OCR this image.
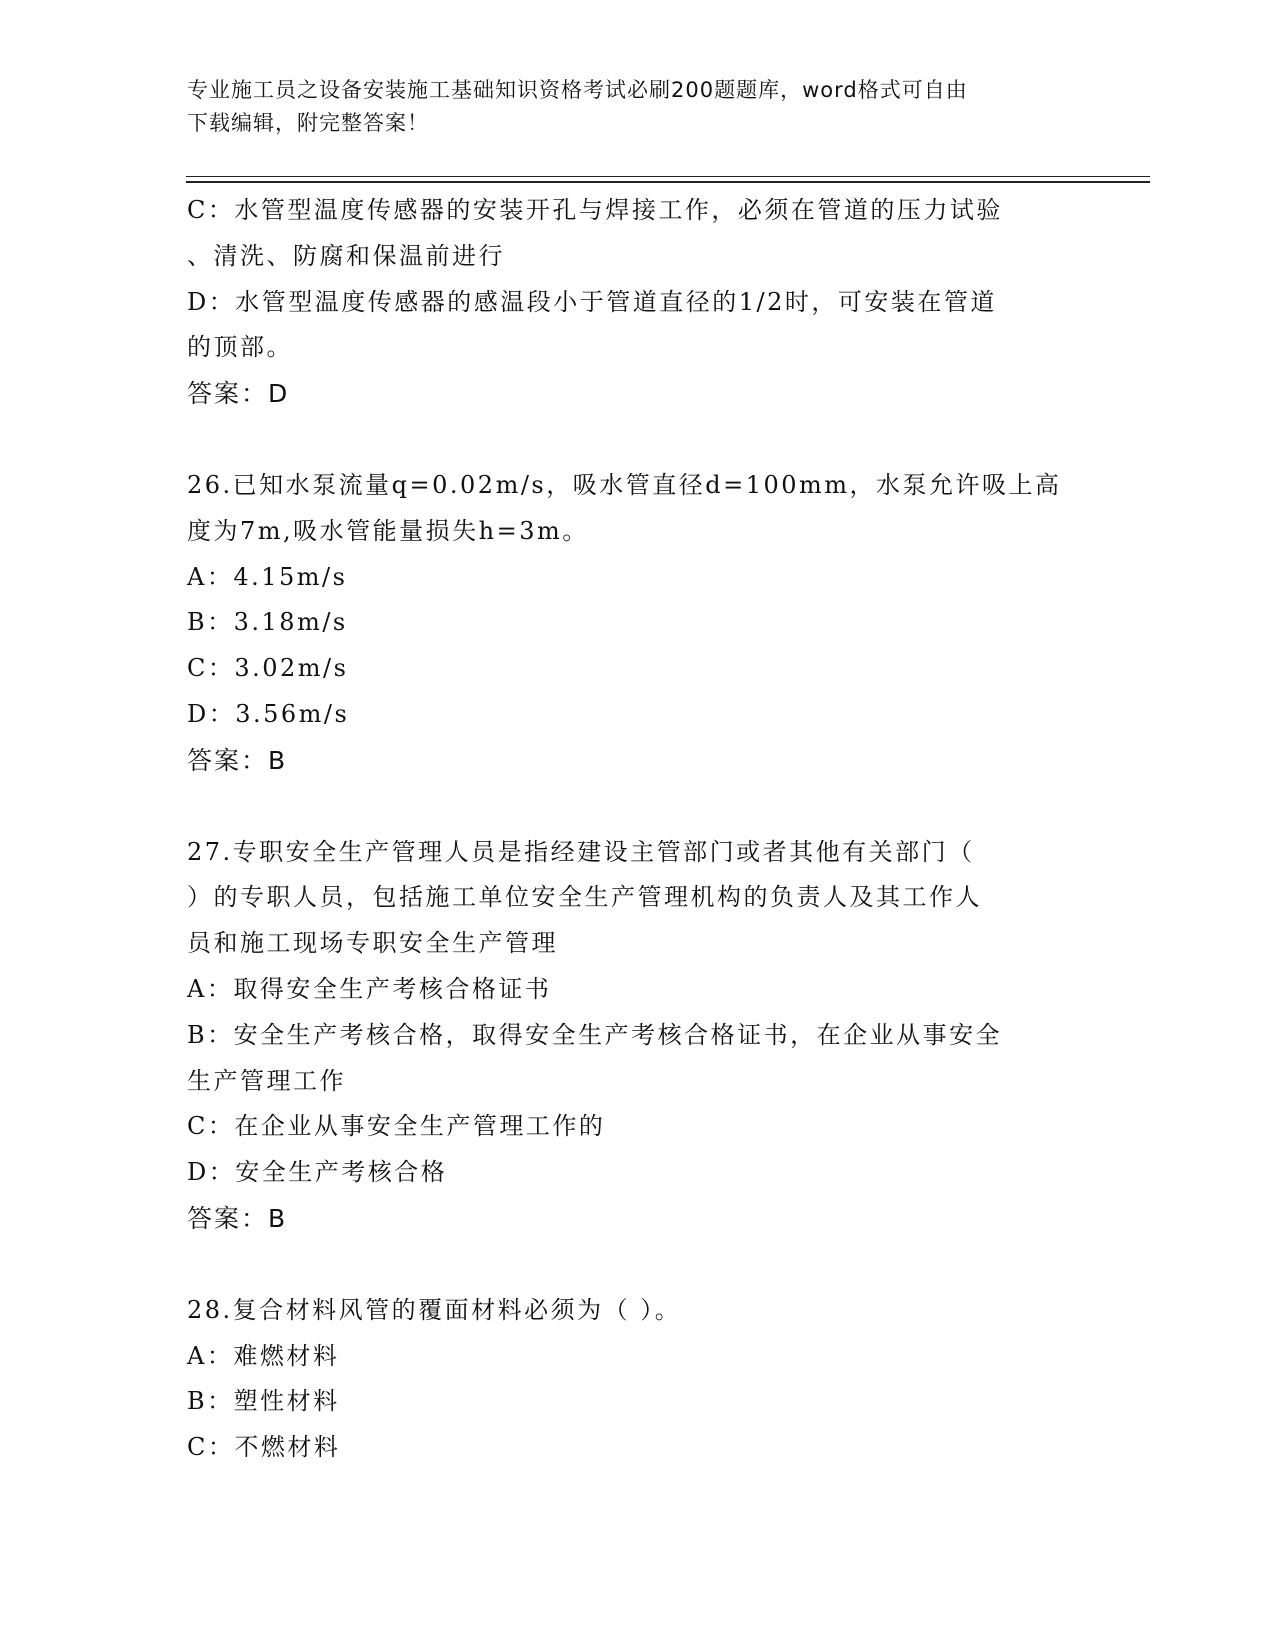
专业施工员之设备安装施工基础知识资格考试必刷200题题库，word格式可自由
下载编辑，附完整答案！
C：水管型温度传感器的安装开孔与焊接工作，必须在管道的压力试验
、清洗、防腐和保温前进行
D：水管型温度传感器的感温段小于管道直径的1/2时，可安装在管道
的顶部。
答案：D
26.已知水泵流量q=0.02m/s，吸水管直径d=100mm，水泵允许吸上高
度为7m,吸水管能量损失h=3m。
A：4.15m/s
B：3.18m/s
C：3.02m/s
D：3.56m/s
答案：B
27.专职安全生产管理人员是指经建设主管部门或者其他有关部门（
）的专职人员，包括施工单位安全生产管理机构的负责人及其工作人
员和施工现场专职安全生产管理
A：取得安全生产考核合格证书
B：安全生产考核合格，取得安全生产考核合格证书，在企业从事安全
生产管理工作
C：在企业从事安全生产管理工作的
D：安全生产考核合格
答案：B
28.复合材料风管的覆面材料必须为（ ）。
A：难燃材料
B：塑性材料
C：不燃材料
